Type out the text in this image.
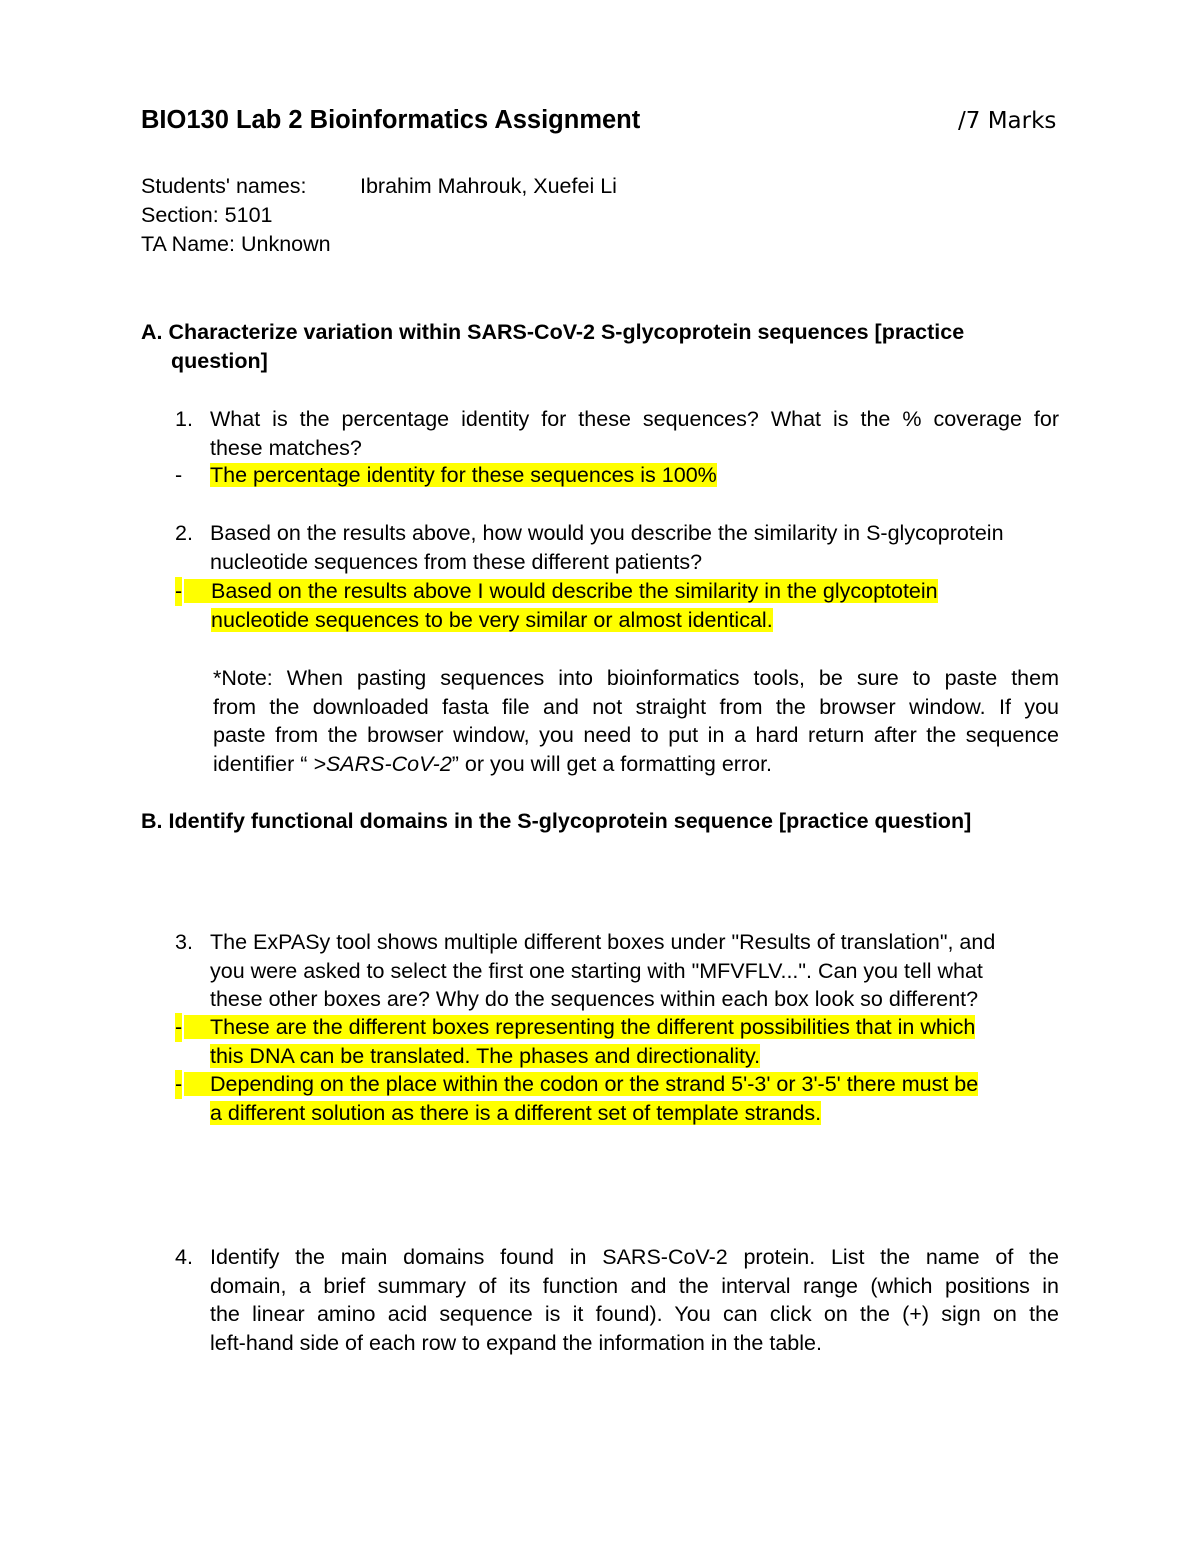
BIO130 Lab 2 Bioinformatics Assignment	/7 Marks
Students' names: Ibrahim Mahrouk, Xuefei Li
Section: 5101
TA Name: Unknown
A. Characterize variation within SARS-CoV-2 S-glycoprotein sequences [practice
question]
1. What is the percentage identity for these sequences? What is the % coverage for
these matches?
- The percentage identity for these sequences is 100%
2. Based on the results above, how would you describe the similarity in S-glycoprotein
nucleotide sequences from these different patients?
-	Based on the results above I would describe the similarity in the glycoptotein
nucleotide sequences to be very similar or almost identical.
*Note: When pasting sequences into bioinformatics tools, be sure to paste them
from the downloaded fasta file and not straight from the browser window. If you
paste from the browser window, you need to put in a hard return after the sequence
identifier “ >SARS-CoV-2” or you will get a formatting error.
B. Identify functional domains in the S-glycoprotein sequence [practice question]
3. The ExPASy tool shows multiple different boxes under "Results of translation", and
you were asked to select the first one starting with "MFVFLV...". Can you tell what
these other boxes are? Why do the sequences within each box look so different?
-	These are the different boxes representing the different possibilities that in which
this DNA can be translated. The phases and directionality.
-	Depending on the place within the codon or the strand 5'-3' or 3'-5' there must be
a different solution as there is a different set of template strands.
4. Identify the main domains found in SARS-CoV-2 protein. List the name of the
domain, a brief summary of its function and the interval range (which positions in
the linear amino acid sequence is it found). You can click on the (+) sign on the
left-hand side of each row to expand the information in the table.
